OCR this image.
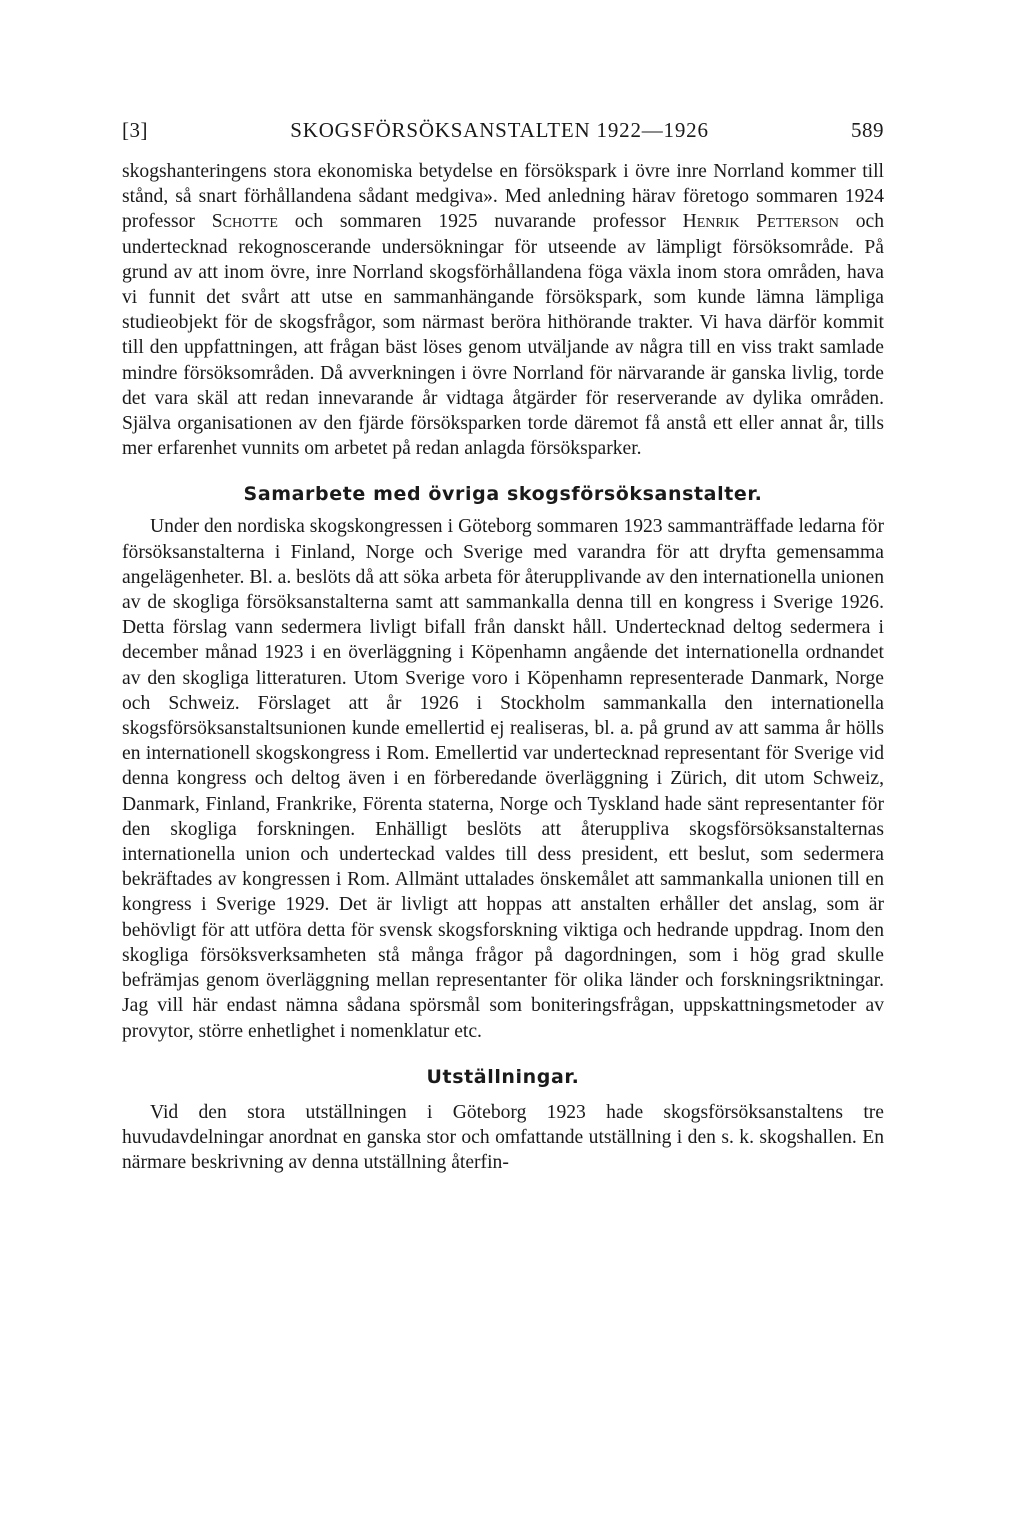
[3]	SKOGSFÖRSÖKSANSTALTEN 1922—1926	589

skogshanteringens stora ekonomiska betydelse en försökspark i övre inre Norrland kommer till stånd, så snart förhållandena sådant medgiva». Med anledning härav företogo sommaren 1924 professor Schotte och sommaren 1925 nuvarande professor Henrik Petterson och undertecknad rekognoscerande undersökningar för utseende av lämpligt försöksområde. På grund av att inom övre, inre Norrland skogsförhållandena föga växla inom stora områden, hava vi funnit det svårt att utse en sammanhängande försökspark, som kunde lämna lämpliga studieobjekt för de skogsfrågor, som närmast beröra hithörande trakter. Vi hava därför kommit till den uppfattningen, att frågan bäst löses genom utväljande av några till en viss trakt samlade mindre försöksområden. Då avverkningen i övre Norrland för närvarande är ganska livlig, torde det vara skäl att redan innevarande år vidtaga åtgärder för reserverande av dylika områden. Själva organisationen av den fjärde försöksparken torde däremot få anstå ett eller annat år, tills mer erfarenhet vunnits om arbetet på redan anlagda försöksparker.

Samarbete med övriga skogsförsöksanstalter.

Under den nordiska skogskongressen i Göteborg sommaren 1923 sammanträffade ledarna för försöksanstalterna i Finland, Norge och Sverige med varandra för att dryfta gemensamma angelägenheter. Bl. a. beslöts då att söka arbeta för återupplivande av den internationella unionen av de skogliga försöksanstalterna samt att sammankalla denna till en kongress i Sverige 1926. Detta förslag vann sedermera livligt bifall från danskt håll. Undertecknad deltog sedermera i december månad 1923 i en överläggning i Köpenhamn angående det internationella ordnandet av den skogliga litteraturen. Utom Sverige voro i Köpenhamn representerade Danmark, Norge och Schweiz. Förslaget att år 1926 i Stockholm sammankalla den internationella skogsförsöksanstaltsunionen kunde emellertid ej realiseras, bl. a. på grund av att samma år hölls en internationell skogskongress i Rom. Emellertid var undertecknad representant för Sverige vid denna kongress och deltog även i en förberedande överläggning i Zürich, dit utom Schweiz, Danmark, Finland, Frankrike, Förenta staterna, Norge och Tyskland hade sänt representanter för den skogliga forskningen. Enhälligt beslöts att återuppliva skogsförsöksanstalternas internationella union och underteckad valdes till dess president, ett beslut, som sedermera bekräftades av kongressen i Rom. Allmänt uttalades önskemålet att sammankalla unionen till en kongress i Sverige 1929. Det är livligt att hoppas att anstalten erhåller det anslag, som är behövligt för att utföra detta för svensk skogsforskning viktiga och hedrande uppdrag. Inom den skogliga försöksverksamheten stå många frågor på dagordningen, som i hög grad skulle befrämjas genom överläggning mellan representanter för olika länder och forskningsriktningar. Jag vill här endast nämna sådana spörsmål som boniteringsfrågan, uppskattningsmetoder av provytor, större enhetlighet i nomenklatur etc.

Utställningar.

Vid den stora utställningen i Göteborg 1923 hade skogsförsöksanstaltens tre huvudavdelningar anordnat en ganska stor och omfattande utställning i den s. k. skogshallen. En närmare beskrivning av denna utställning återfin-
